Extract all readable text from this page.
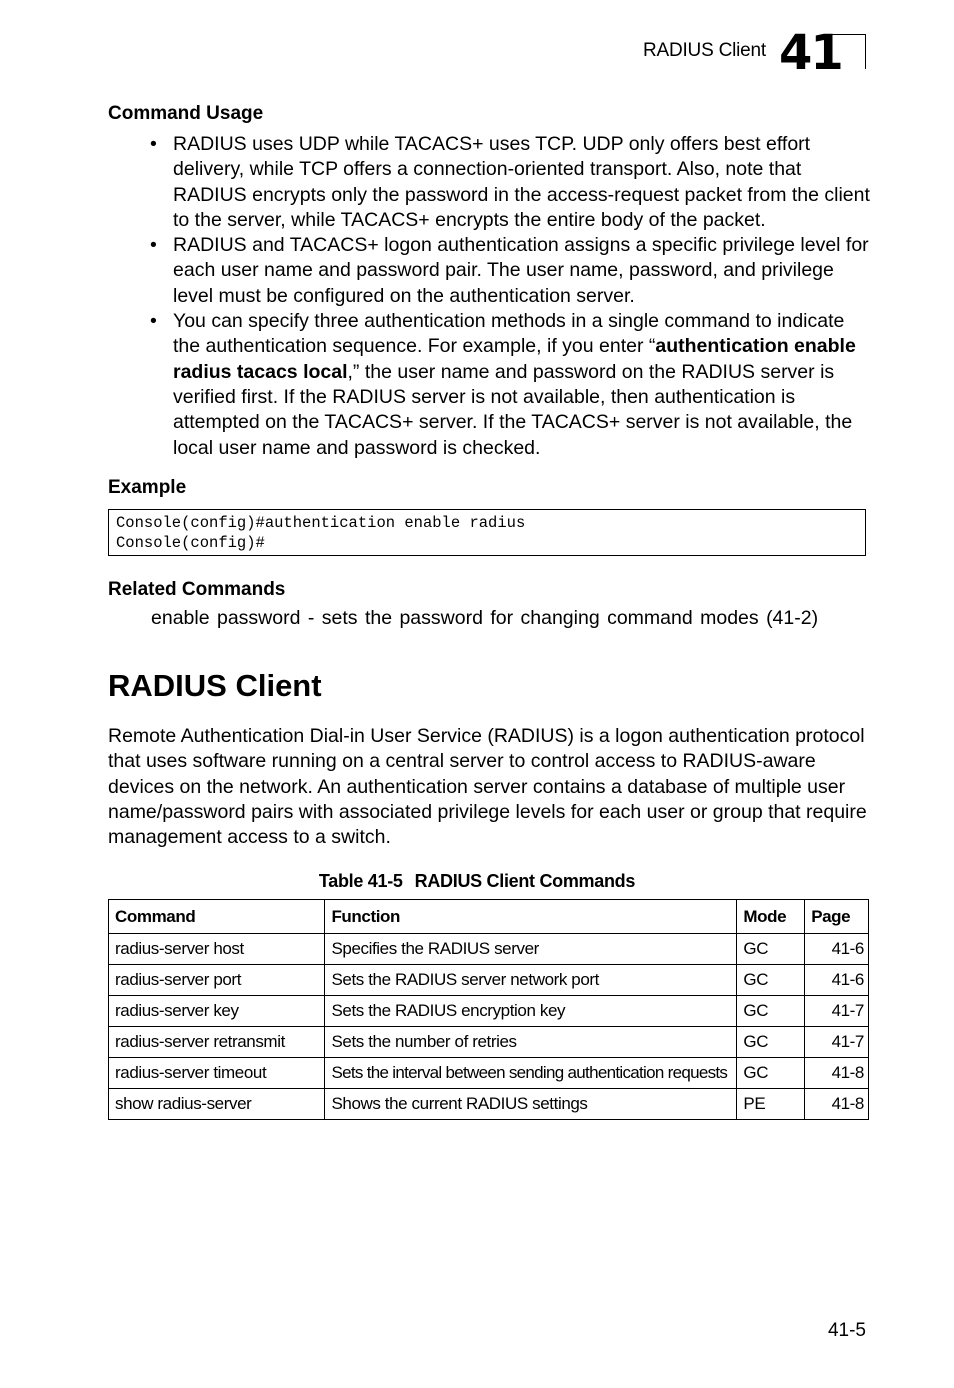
RADIUS Client 41
Command Usage
• RADIUS uses UDP while TACACS+ uses TCP. UDP only offers best effort delivery, while TCP offers a connection-oriented transport. Also, note that RADIUS encrypts only the password in the access-request packet from the client to the server, while TACACS+ encrypts the entire body of the packet.
• RADIUS and TACACS+ logon authentication assigns a specific privilege level for each user name and password pair. The user name, password, and privilege level must be configured on the authentication server.
• You can specify three authentication methods in a single command to indicate the authentication sequence. For example, if you enter “authentication enable radius tacacs local,” the user name and password on the RADIUS server is verified first. If the RADIUS server is not available, then authentication is attempted on the TACACS+ server. If the TACACS+ server is not available, the local user name and password is checked.
Example
Console(config)#authentication enable radius
Console(config)#
Related Commands
enable password - sets the password for changing command modes (41-2)
RADIUS Client

Remote Authentication Dial-in User Service (RADIUS) is a logon authentication protocol that uses software running on a central server to control access to RADIUS-aware devices on the network. An authentication server contains a database of multiple user name/password pairs with associated privilege levels for each user or group that require management access to a switch.

Table 41-5 RADIUS Client Commands
Command	Function	Mode	Page
radius-server host	Specifies the RADIUS server	GC	41-6
radius-server port	Sets the RADIUS server network port	GC	41-6
radius-server key	Sets the RADIUS encryption key	GC	41-7
radius-server retransmit	Sets the number of retries	GC	41-7
radius-server timeout	Sets the interval between sending authentication requests	GC	41-8
show radius-server	Shows the current RADIUS settings	PE	41-8
41-5
